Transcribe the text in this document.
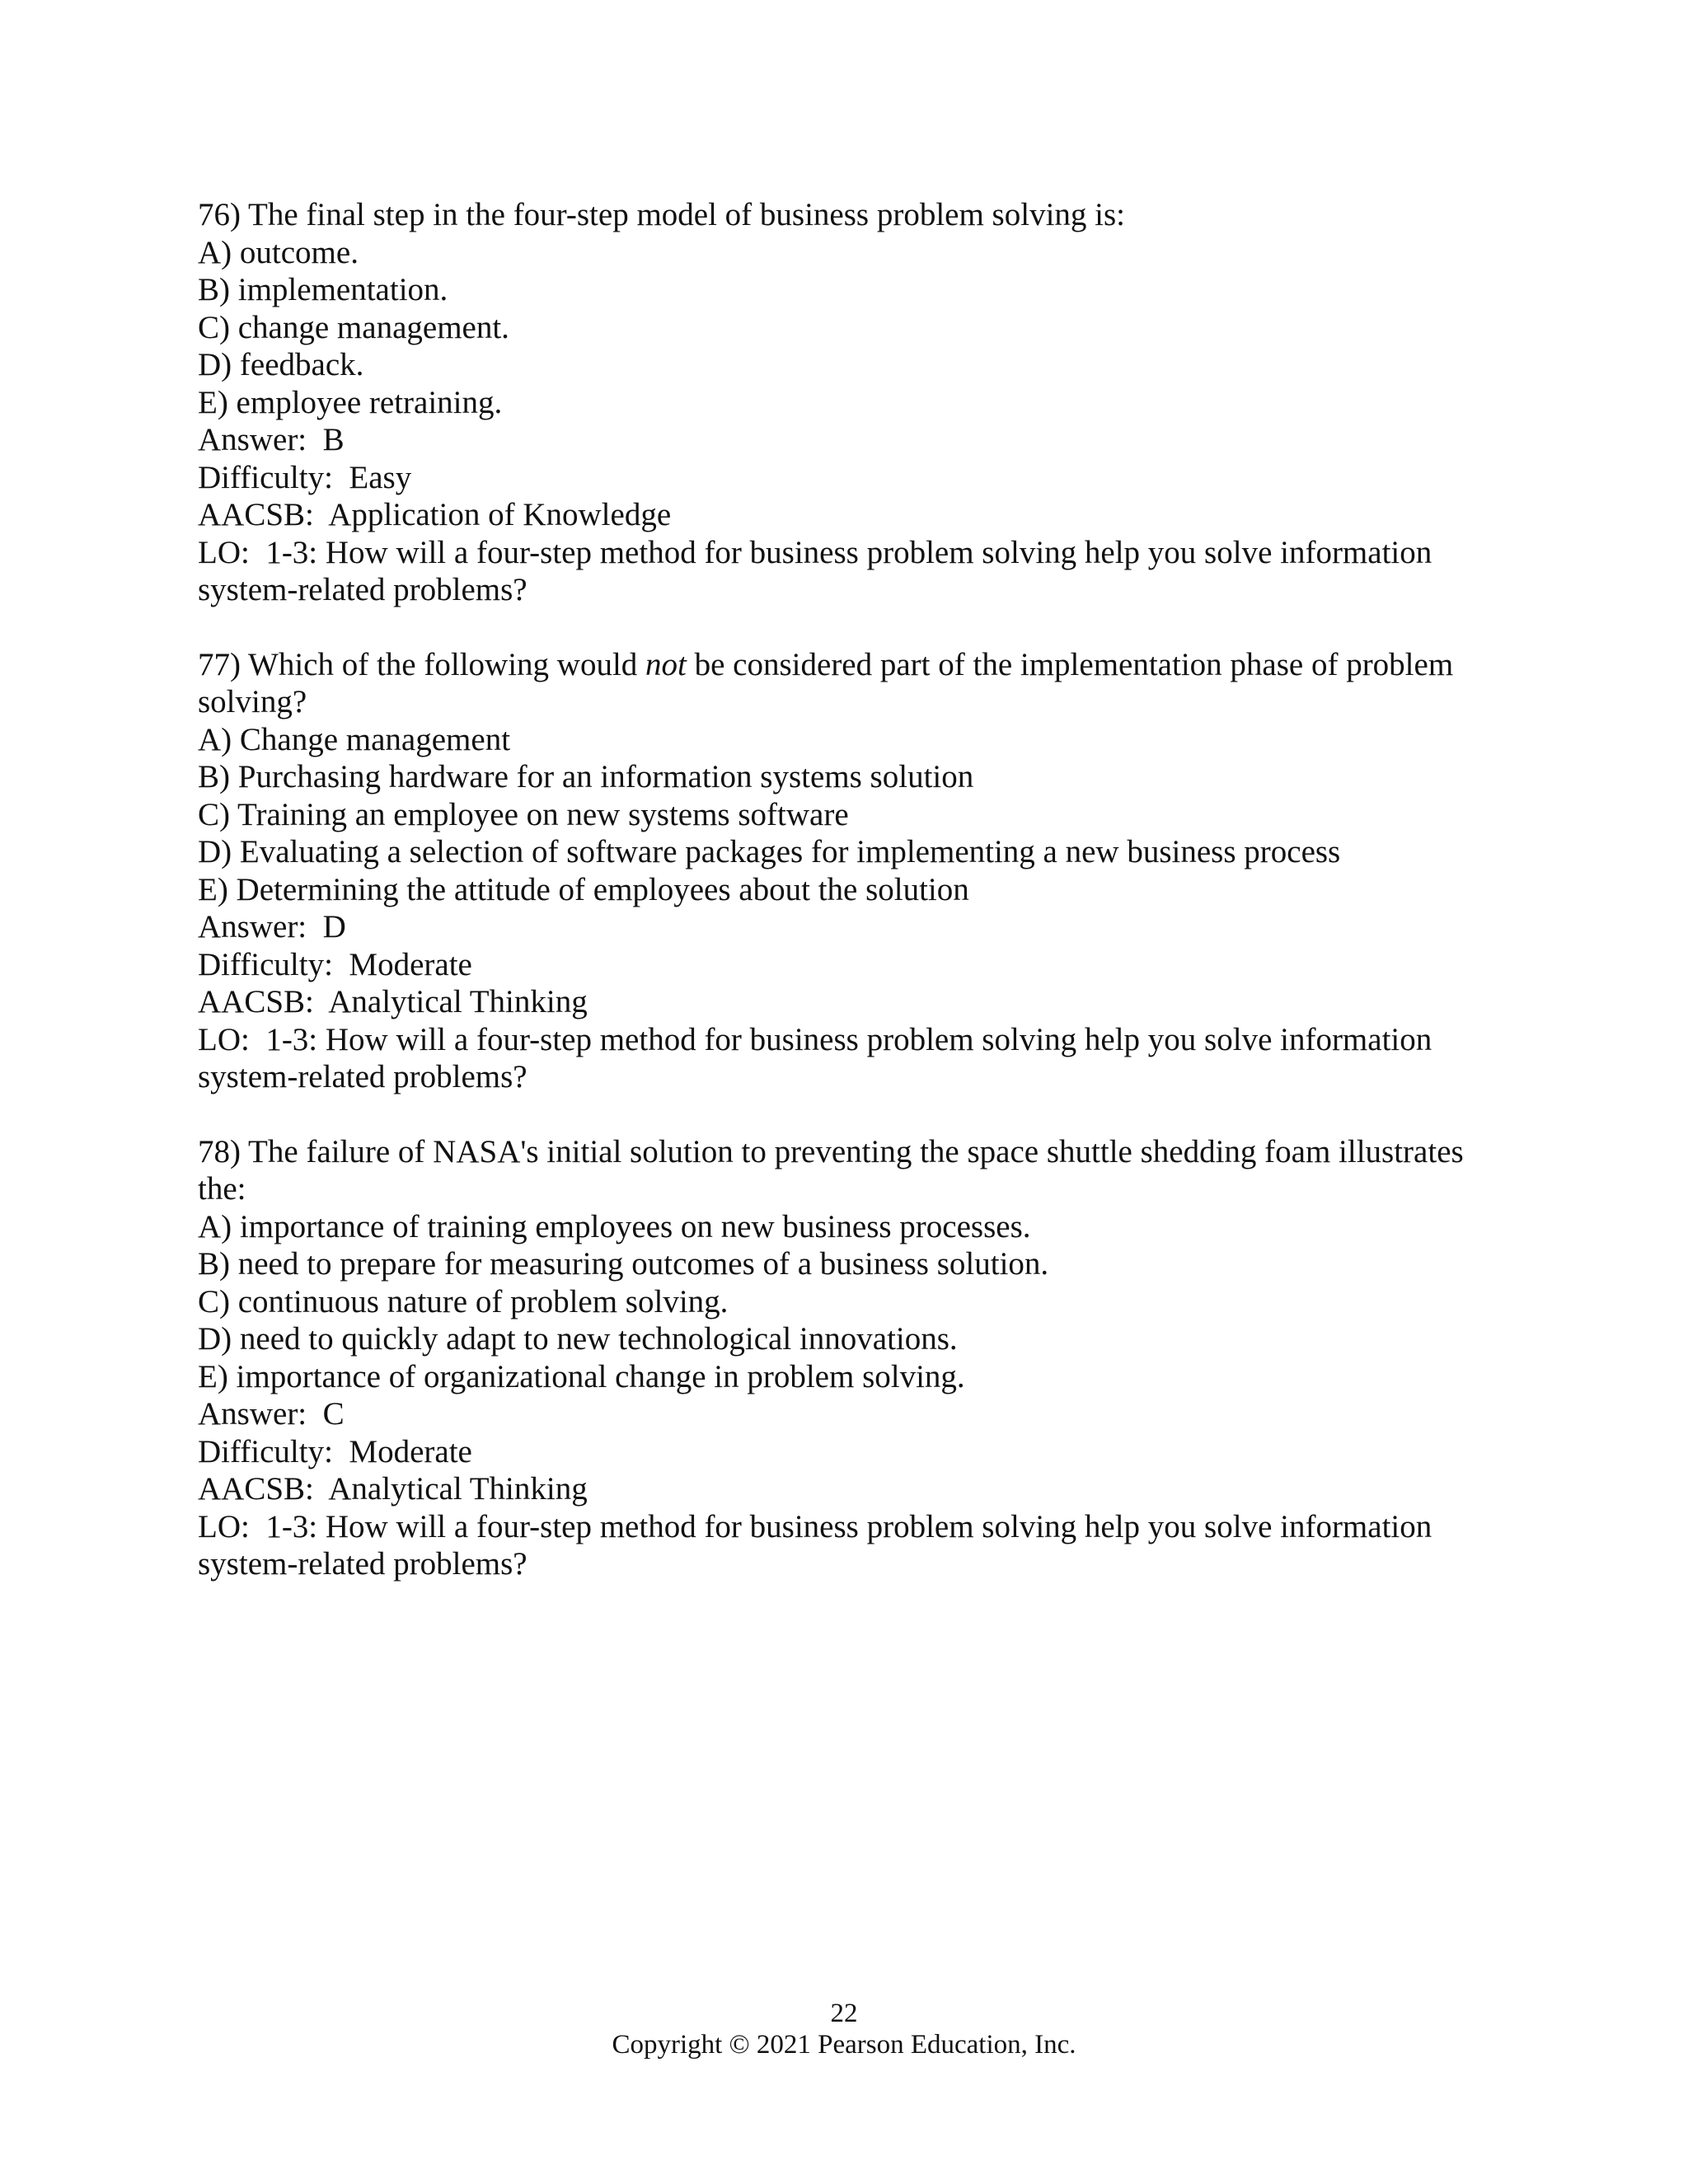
76) The final step in the four-step model of business problem solving is:
A) outcome.
B) implementation.
C) change management.
D) feedback.
E) employee retraining.
Answer:  B
Difficulty:  Easy
AACSB:  Application of Knowledge
LO:  1-3: How will a four-step method for business problem solving help you solve information system-related problems?
77) Which of the following would not be considered part of the implementation phase of problem solving?
A) Change management
B) Purchasing hardware for an information systems solution
C) Training an employee on new systems software
D) Evaluating a selection of software packages for implementing a new business process
E) Determining the attitude of employees about the solution
Answer:  D
Difficulty:  Moderate
AACSB:  Analytical Thinking
LO:  1-3: How will a four-step method for business problem solving help you solve information system-related problems?
78) The failure of NASA's initial solution to preventing the space shuttle shedding foam illustrates the:
A) importance of training employees on new business processes.
B) need to prepare for measuring outcomes of a business solution.
C) continuous nature of problem solving.
D) need to quickly adapt to new technological innovations.
E) importance of organizational change in problem solving.
Answer:  C
Difficulty:  Moderate
AACSB:  Analytical Thinking
LO:  1-3: How will a four-step method for business problem solving help you solve information system-related problems?
22
Copyright © 2021 Pearson Education, Inc.
